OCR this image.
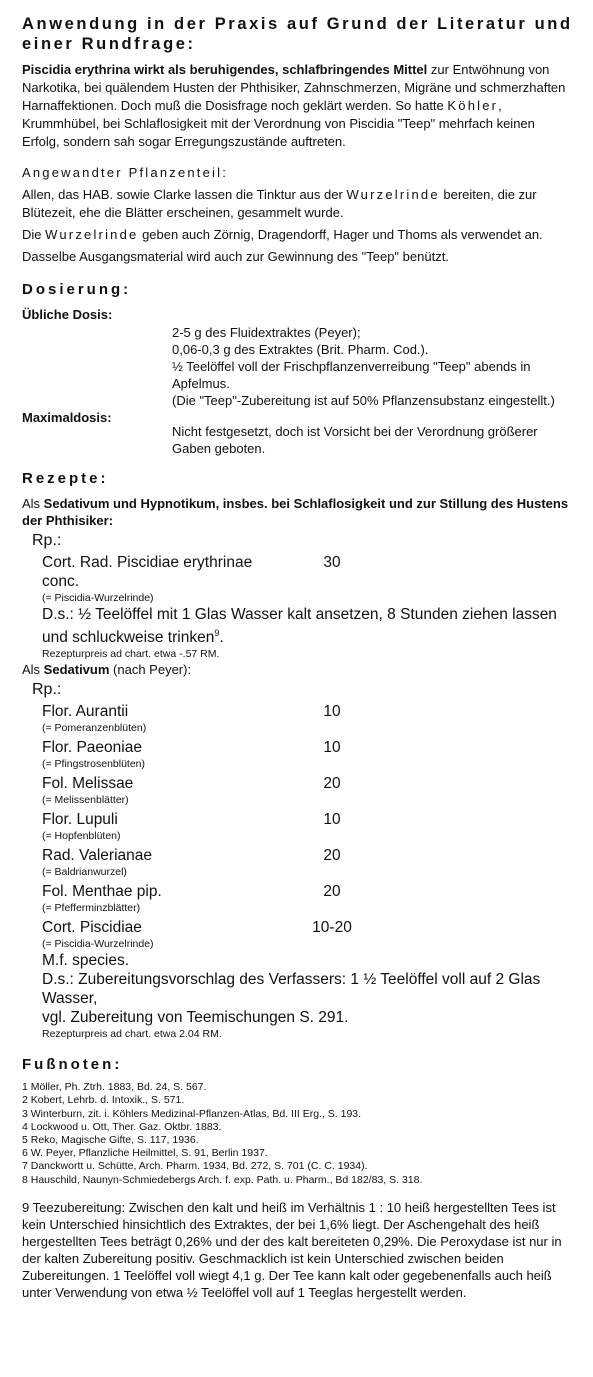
Anwendung in der Praxis auf Grund der Literatur und einer Rundfrage:

Piscidia erythrina wirkt als beruhigendes, schlafbringendes Mittel zur Entwöhnung von Narkotika, bei quälendem Husten der Phthisiker, Zahnschmerzen, Migräne und schmerzhaften Harnaffektionen. Doch muß die Dosisfrage noch geklärt werden. So hatte Köhler, Krummhübel, bei Schlaflosigkeit mit der Verordnung von Piscidia "Teep" mehrfach keinen Erfolg, sondern sah sogar Erregungszustände auftreten.

Angewandter Pflanzenteil:

Allen, das HAB. sowie Clarke lassen die Tinktur aus der Wurzelrinde bereiten, die zur Blütezeit, ehe die Blätter erscheinen, gesammelt wurde.

Die Wurzelrinde geben auch Zörnig, Dragendorff, Hager und Thoms als verwendet an.

Dasselbe Ausgangsmaterial wird auch zur Gewinnung des "Teep" benützt.

Dosierung:
Übliche Dosis:
2-5 g des Fluidextraktes (Peyer);
0,06-0,3 g des Extraktes (Brit. Pharm. Cod.).
½ Teelöffel voll der Frischpflanzenverreibung "Teep" abends in Apfelmus.
(Die "Teep"-Zubereitung ist auf 50% Pflanzensubstanz eingestellt.)
Maximaldosis:
Nicht festgesetzt, doch ist Vorsicht bei der Verordnung größerer Gaben geboten.
Rezepte:
Als Sedativum und Hypnotikum, insbes. bei Schlaflosigkeit und zur Stillung des Hustens der Phthisiker:
Rp.:
Cort. Rad. Piscidiae erythrinae	30
conc.
(= Piscidia-Wurzelrinde)
D.s.: ½ Teelöffel mit 1 Glas Wasser kalt ansetzen, 8 Stunden ziehen lassen und schluckweise trinken$^9$.
Rezepturpreis ad chart. etwa -.57 RM.
Als Sedativum (nach Peyer):
Rp.:
Flor. Aurantii	10
(= Pomeranzenblüten)
Flor. Paeoniae	10
(= Pfingstrosenblüten)
Fol. Melissae	20
(= Melissenblätter)
Flor. Lupuli	10
(= Hopfenblüten)
Rad. Valerianae	20
(= Baldrianwurzel)
Fol. Menthae pip.	20
(= Pfefferminzblätter)
Cort. Piscidiae	10-20
(= Piscidia-Wurzelrinde)
M.f. species.
D.s.: Zubereitungsvorschlag des Verfassers: 1 ½ Teelöffel voll auf 2 Glas Wasser,
vgl. Zubereitung von Teemischungen S. 291.
Rezepturpreis ad chart. etwa 2.04 RM.
Fußnoten:
1 Möller, Ph. Ztrh. 1883, Bd. 24, S. 567.
2 Kobert, Lehrb. d. Intoxik., S. 571.
3 Winterburn, zit. i. Köhlers Medizinal-Pflanzen-Atlas, Bd. III Erg., S. 193.
4 Lockwood u. Ott, Ther. Gaz. Oktbr. 1883.
5 Reko, Magische Gifte, S. 117, 1936.
6 W. Peyer, Pflanzliche Heilmittel, S. 91, Berlin 1937.
7 Danckwortt u. Schütte, Arch. Pharm. 1934, Bd. 272, S. 701 (C. C. 1934).
8 Hauschild, Naunyn-Schmiedebergs Arch. f. exp. Path. u. Pharm., Bd 182/83, S. 318.
9 Teezubereitung: Zwischen den kalt und heiß im Verhältnis 1 : 10 heiß hergestellten Tees ist kein Unterschied hinsichtlich des Extraktes, der bei 1,6% liegt. Der Aschengehalt des heiß hergestellten Tees beträgt 0,26% und der des kalt bereiteten 0,29%. Die Peroxydase ist nur in der kalten Zubereitung positiv. Geschmacklich ist kein Unterschied zwischen beiden Zubereitungen. 1 Teelöffel voll wiegt 4,1 g. Der Tee kann kalt oder gegebenenfalls auch heiß unter Verwendung von etwa ½ Teelöffel voll auf 1 Teeglas hergestellt werden.
